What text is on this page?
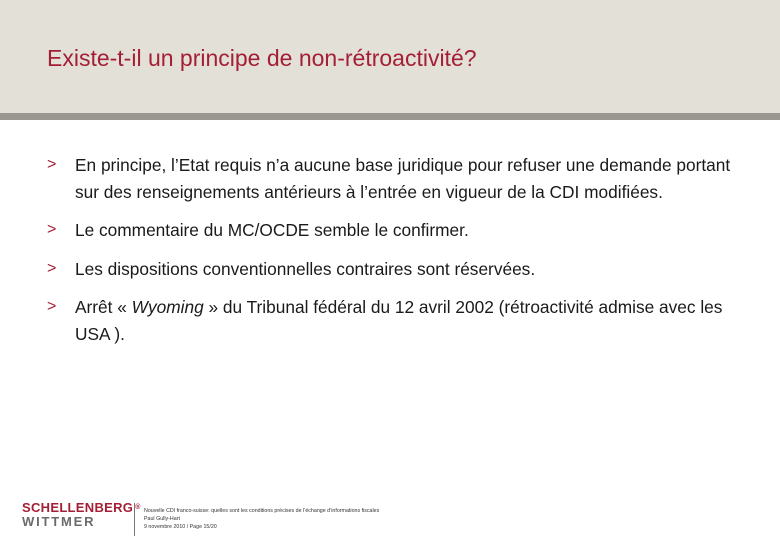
Existe-t-il un principe de non-rétroactivité?
> En principe, l’Etat requis n’a aucune base juridique pour refuser une demande portant sur des renseignements antérieurs à l’entrée en vigueur de la CDI modifiées.
> Le commentaire du MC/OCDE semble le confirmer.
> Les dispositions conventionnelles contraires sont réservées.
> Arrêt « Wyoming » du Tribunal fédéral du 12 avril 2002 (rétroactivité admise avec les USA ).
SCHELLENBERG ®
WITTMER
Nouvelle CDI franco-suisse: quelles sont les conditions précises de l’échange d’informations fiscales
Paul Gully-Hart
9 novembre 2010 / Page 15/20
